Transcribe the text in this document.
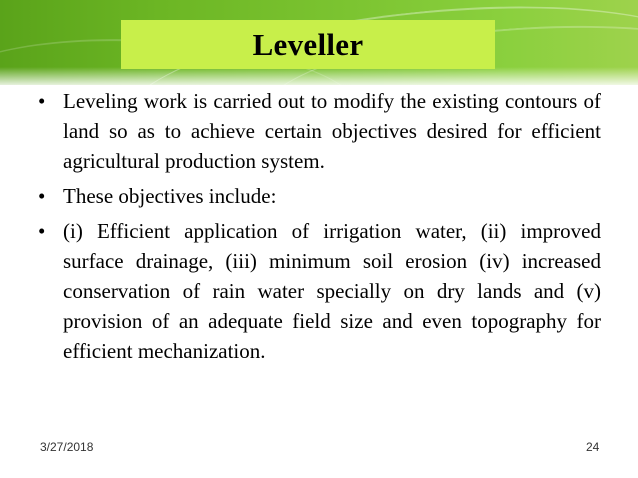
Leveller
• Leveling work is carried out to modify the existing contours of land so as to achieve certain objectives desired for efficient agricultural production system.
• These objectives include:
• (i) Efficient application of irrigation water, (ii) improved surface drainage, (iii) minimum soil erosion (iv) increased conservation of rain water specially on dry lands and (v) provision of an adequate field size and even topography for efficient mechanization.
3/27/2018	24
